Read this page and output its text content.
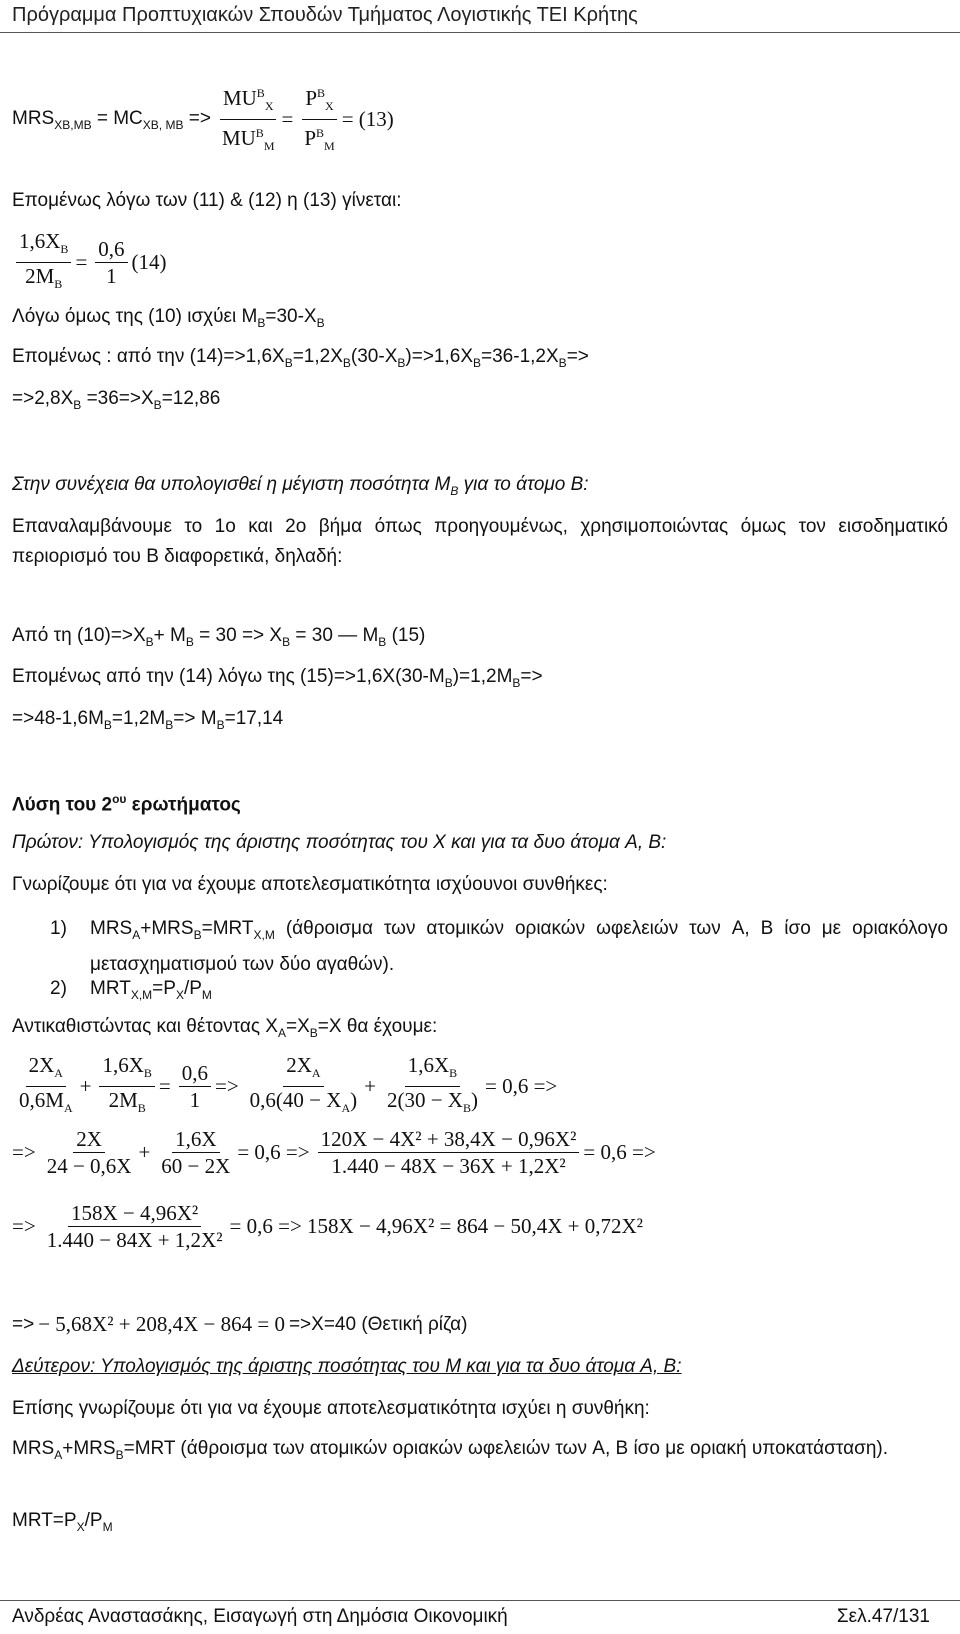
Πρόγραμμα Προπτυχιακών Σπουδών Τμήματος Λογιστικής ΤΕΙ Κρήτης
$MRS_{XB,MB} = MC_{XB, MB} => \frac{MU^B_X}{MU^B_M} = \frac{P^B_X}{P^B_M} = (13)$
Επομένως λόγω των (11) & (12) η (13) γίνεται:
$\frac{1,6X_B}{2M_B} = \frac{0,6}{1} (14)$
Λόγω όμως της (10) ισχύει $M_B=30-X_B$
Επομένως : από την $(14)=>1,6X_B=1,2X_B(30-X_B)=>1,6X_B=36-1,2X_B=>$
$=>2,8X_B =36=>X_B=12,86$
Στην συνέχεια θα υπολογισθεί η μέγιστη ποσότητα $M_B$ για το άτομο B:
Επαναλαμβάνουμε το 1ο και 2ο βήμα όπως προηγουμένως, χρησιμοποιώντας όμως τον εισοδηματικό περιορισμό του B διαφορετικά, δηλαδή:
Από τη $(10)=>X_B+ M_B = 30 => X_B = 30$ — $M_B$ (15)
Επομένως από την (14) λόγω της $(15)=>1,6X(30-M_B)=1,2M_B=>$
$=>48-1,6M_B=1,2M_B=> M_B=17,14$
Λύση του $2^{o\upsilon}$ ερωτήματος
Πρώτον: Υπολογισμός της άριστης ποσότητας του X και για τα δυο άτομα A, B:
Γνωρίζουμε ότι για να έχουμε αποτελεσματικότητα ισχύουνοι συνθήκες:
1) $MRS_A+MRS_B=MRT_{X,M}$ (άθροισμα των ατομικών οριακών ωφελειών των A, B ίσο με οριακόλογο μετασχηματισμού των δύο αγαθών).
2) $MRT_{X,M}=P_X/P_M$
Αντικαθιστώντας και θέτοντας $X_A=X_B=X$ θα έχουμε:
$\frac{2X_A}{0,6M_A} + \frac{1,6X_B}{2M_B} = \frac{0,6}{1} => \frac{2X_A}{0,6(40 - X_A)} + \frac{1,6X_B}{2(30 - X_B)} = 0,6$ =>
=> $\frac{2X}{24 - 0,6X} + \frac{1,6X}{60 - 2X} = 0,6 => \frac{\text{120X − 4X² + 38,4X − 0,96X²}}{\text{1.440 − 48X − 36X + 1,2X²}} = 0,6$ =>
=> $\frac{\text{158X − 4,96X²}}{\text{1.440 − 84X + 1,2X²}} = 0,6 => 158X - 4,96X^2 = 864 - 50,4X + 0,72X^2$
=> − 5,68X² + 208,4X − 864 = 0 =>X=40 (Θετική ρίζα)
Δεύτερον: Υπολογισμός της άριστης ποσότητας του M και για τα δυο άτομα A, B:
Επίσης γνωρίζουμε ότι για να έχουμε αποτελεσματικότητα ισχύει η συνθήκη:
$MRS_A+MRS_B=MRT$ (άθροισμα των ατομικών οριακών ωφελειών των A, B ίσο με οριακή υποκατάσταση).
$MRT=P_X/P_M$
Ανδρέας Αναστασάκης, Εισαγωγή στη Δημόσια Οικονομική	Σελ.47/131
